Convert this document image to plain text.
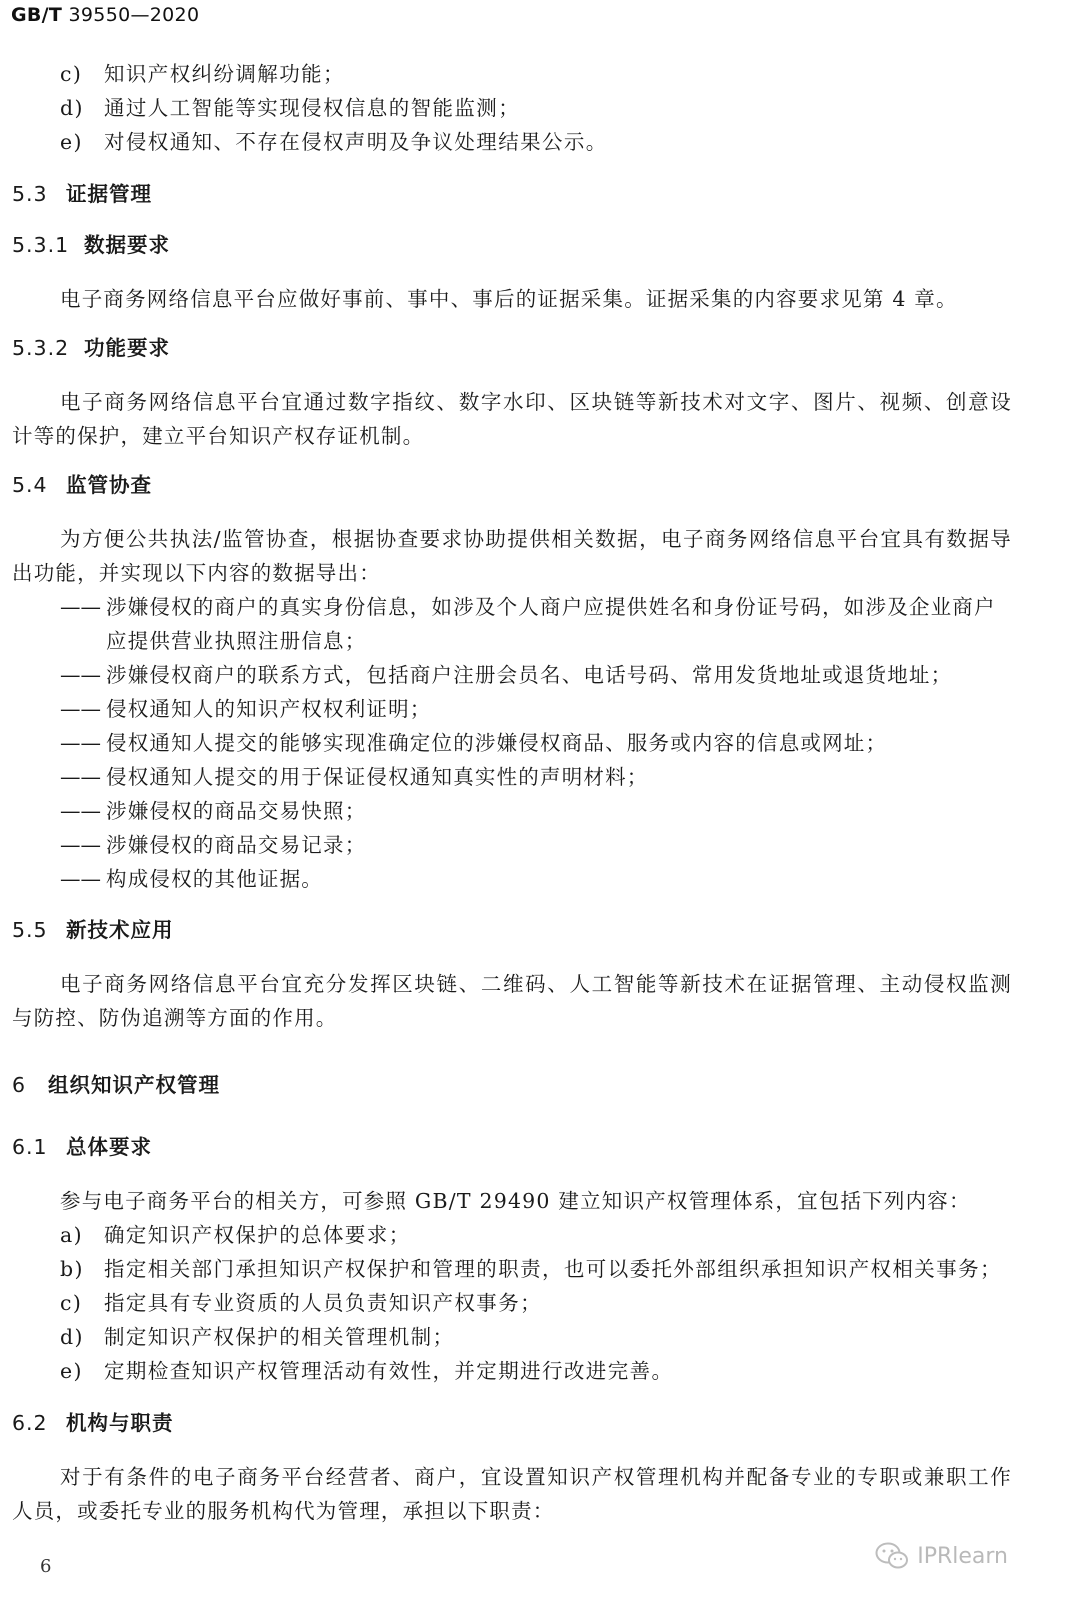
GB/T 39550—2020
c) 知识产权纠纷调解功能；
d) 通过人工智能等实现侵权信息的智能监测；
e) 对侵权通知、不存在侵权声明及争议处理结果公示。
5.3 证据管理
5.3.1 数据要求

电子商务网络信息平台应做好事前、事中、事后的证据采集。证据采集的内容要求见第 4 章。

5.3.2 功能要求

电子商务网络信息平台宜通过数字指纹、数字水印、区块链等新技术对文字、图片、视频、创意设计等的保护，建立平台知识产权存证机制。

5.4 监管协查

为方便公共执法/监管协查，根据协查要求协助提供相关数据，电子商务网络信息平台宜具有数据导出功能，并实现以下内容的数据导出：

—— 涉嫌侵权的商户的真实身份信息，如涉及个人商户应提供姓名和身份证号码，如涉及企业商户
应提供营业执照注册信息；
—— 涉嫌侵权商户的联系方式，包括商户注册会员名、电话号码、常用发货地址或退货地址；
—— 侵权通知人的知识产权权利证明；
—— 侵权通知人提交的能够实现准确定位的涉嫌侵权商品、服务或内容的信息或网址；
—— 侵权通知人提交的用于保证侵权通知真实性的声明材料；
—— 涉嫌侵权的商品交易快照；
—— 涉嫌侵权的商品交易记录；
—— 构成侵权的其他证据。
5.5 新技术应用

电子商务网络信息平台宜充分发挥区块链、二维码、人工智能等新技术在证据管理、主动侵权监测与防控、防伪追溯等方面的作用。

6 组织知识产权管理
6.1 总体要求

参与电子商务平台的相关方，可参照 GB/T 29490 建立知识产权管理体系，宜包括下列内容：

a) 确定知识产权保护的总体要求；
b) 指定相关部门承担知识产权保护和管理的职责，也可以委托外部组织承担知识产权相关事务；
c) 指定具有专业资质的人员负责知识产权事务；
d) 制定知识产权保护的相关管理机制；
e) 定期检查知识产权管理活动有效性，并定期进行改进完善。
6.2 机构与职责

对于有条件的电子商务平台经营者、商户，宜设置知识产权管理机构并配备专业的专职或兼职工作人员，或委托专业的服务机构代为管理，承担以下职责：

6	IPRlearn
